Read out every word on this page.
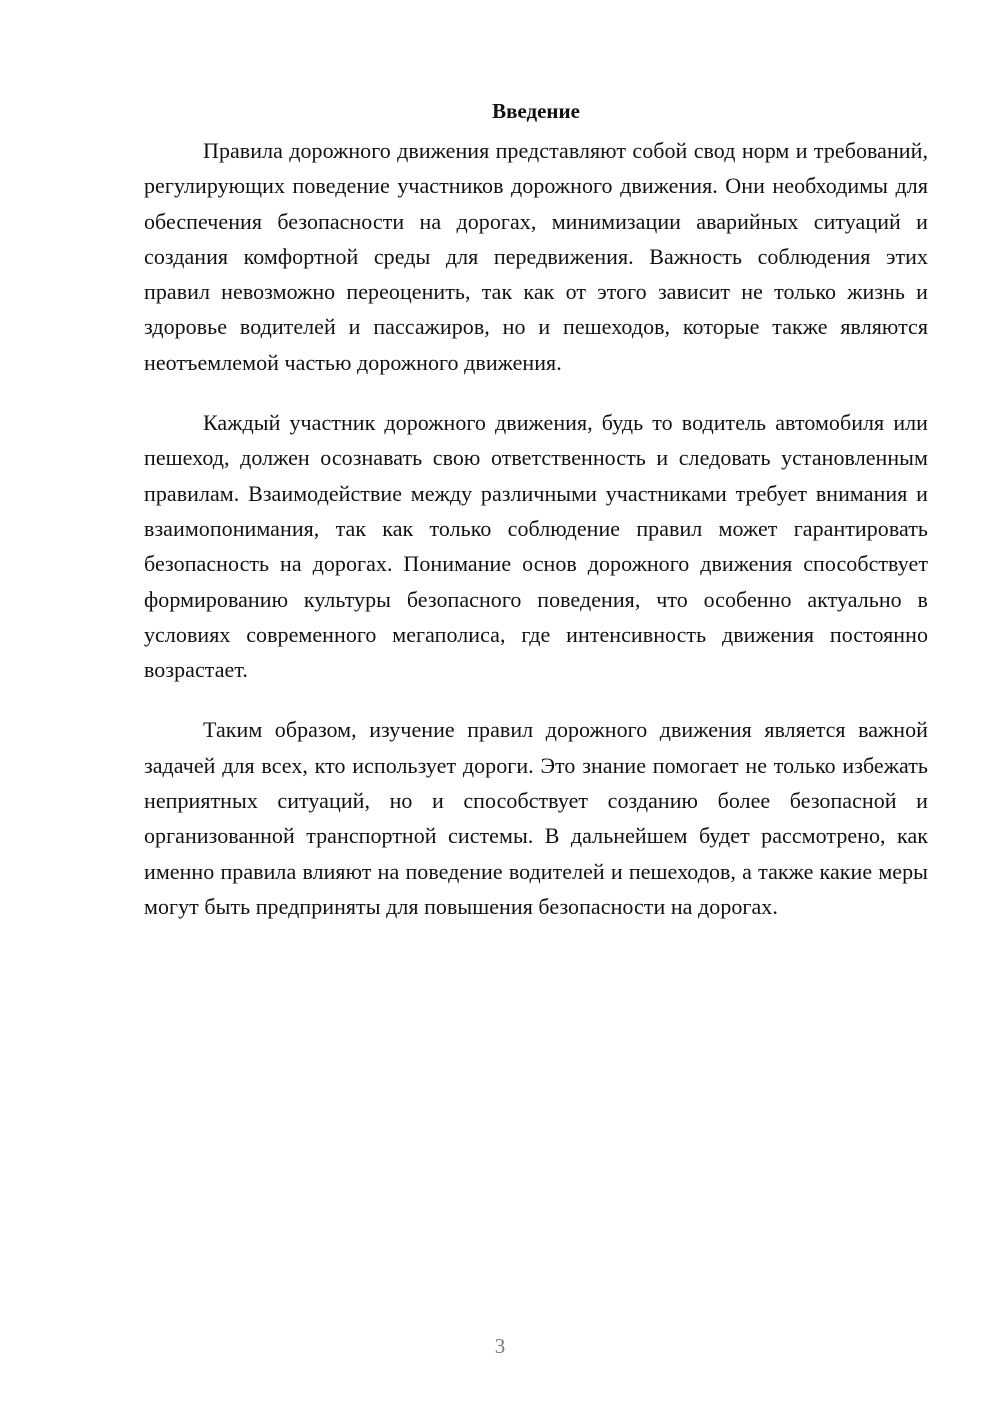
Введение

Правила дорожного движения представляют собой свод норм и требований, регулирующих поведение участников дорожного движения. Они необходимы для обеспечения безопасности на дорогах, минимизации аварийных ситуаций и создания комфортной среды для передвижения. Важность соблюдения этих правил невозможно переоценить, так как от этого зависит не только жизнь и здоровье водителей и пассажиров, но и пешеходов, которые также являются неотъемлемой частью дорожного движения.

Каждый участник дорожного движения, будь то водитель автомобиля или пешеход, должен осознавать свою ответственность и следовать установленным правилам. Взаимодействие между различными участниками требует внимания и взаимопонимания, так как только соблюдение правил может гарантировать безопасность на дорогах. Понимание основ дорожного движения способствует формированию культуры безопасного поведения, что особенно актуально в условиях современного мегаполиса, где интенсивность движения постоянно возрастает.

Таким образом, изучение правил дорожного движения является важной задачей для всех, кто использует дороги. Это знание помогает не только избежать неприятных ситуаций, но и способствует созданию более безопасной и организованной транспортной системы. В дальнейшем будет рассмотрено, как именно правила влияют на поведение водителей и пешеходов, а также какие меры могут быть предприняты для повышения безопасности на дорогах.

3
